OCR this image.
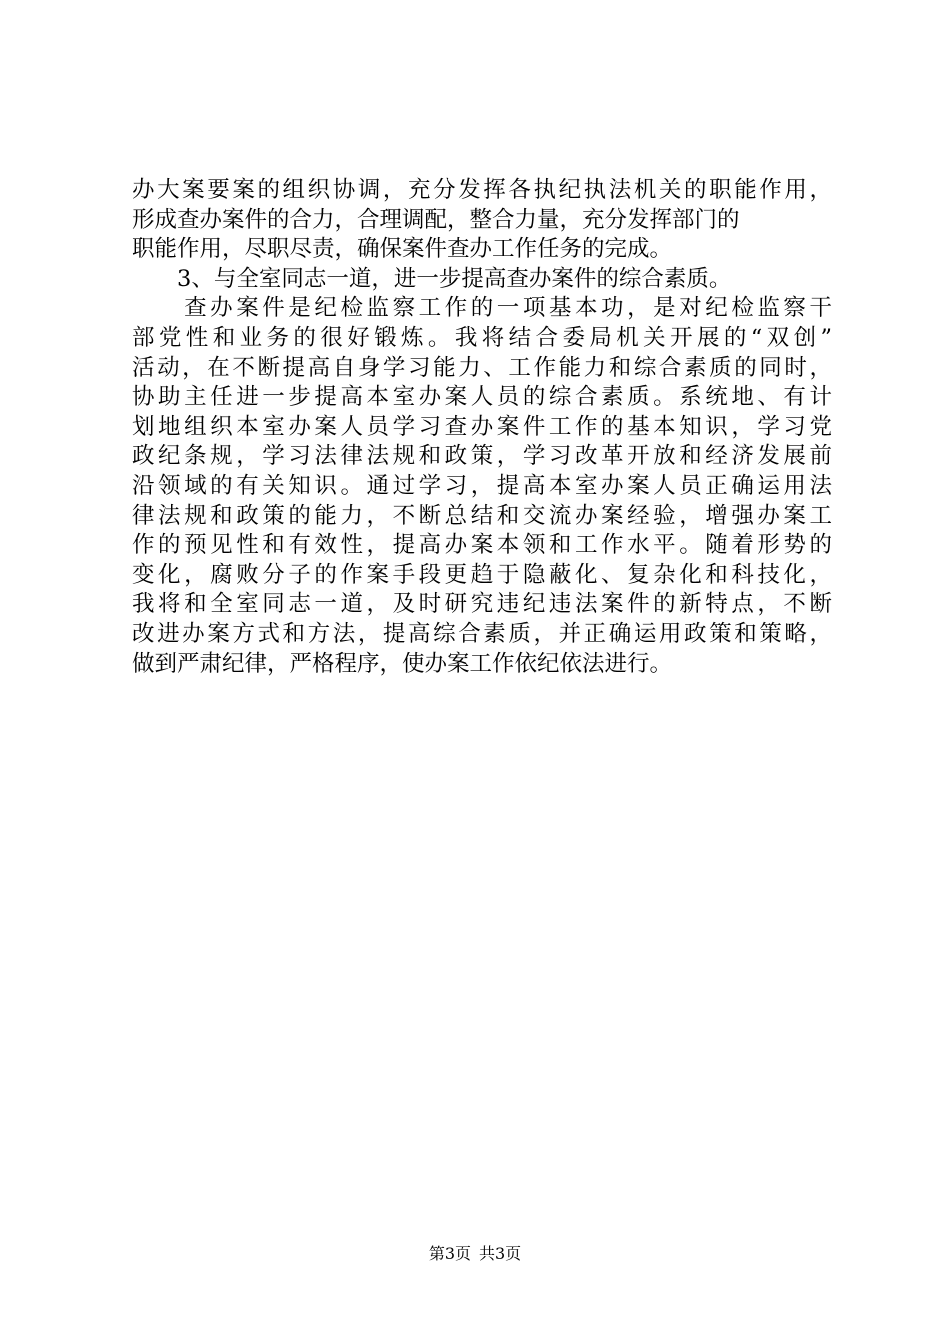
办大案要案的组织协调，充分发挥各执纪执法机关的职能作用，
形成查办案件的合力，合理调配，整合力量，充分发挥部门的
职能作用，尽职尽责，确保案件查办工作任务的完成。
　　3、与全室同志一道，进一步提高查办案件的综合素质。
　　查办案件是纪检监察工作的一项基本功，是对纪检监察干
部党性和业务的很好锻炼。我将结合委局机关开展的“双创”
活动，在不断提高自身学习能力、工作能力和综合素质的同时，
协助主任进一步提高本室办案人员的综合素质。系统地、有计
划地组织本室办案人员学习查办案件工作的基本知识，学习党
政纪条规，学习法律法规和政策，学习改革开放和经济发展前
沿领域的有关知识。通过学习，提高本室办案人员正确运用法
律法规和政策的能力，不断总结和交流办案经验，增强办案工
作的预见性和有效性，提高办案本领和工作水平。随着形势的
变化，腐败分子的作案手段更趋于隐蔽化、复杂化和科技化，
我将和全室同志一道，及时研究违纪违法案件的新特点，不断
改进办案方式和方法，提高综合素质，并正确运用政策和策略，
做到严肃纪律，严格程序，使办案工作依纪依法进行。
第3页 共3页
